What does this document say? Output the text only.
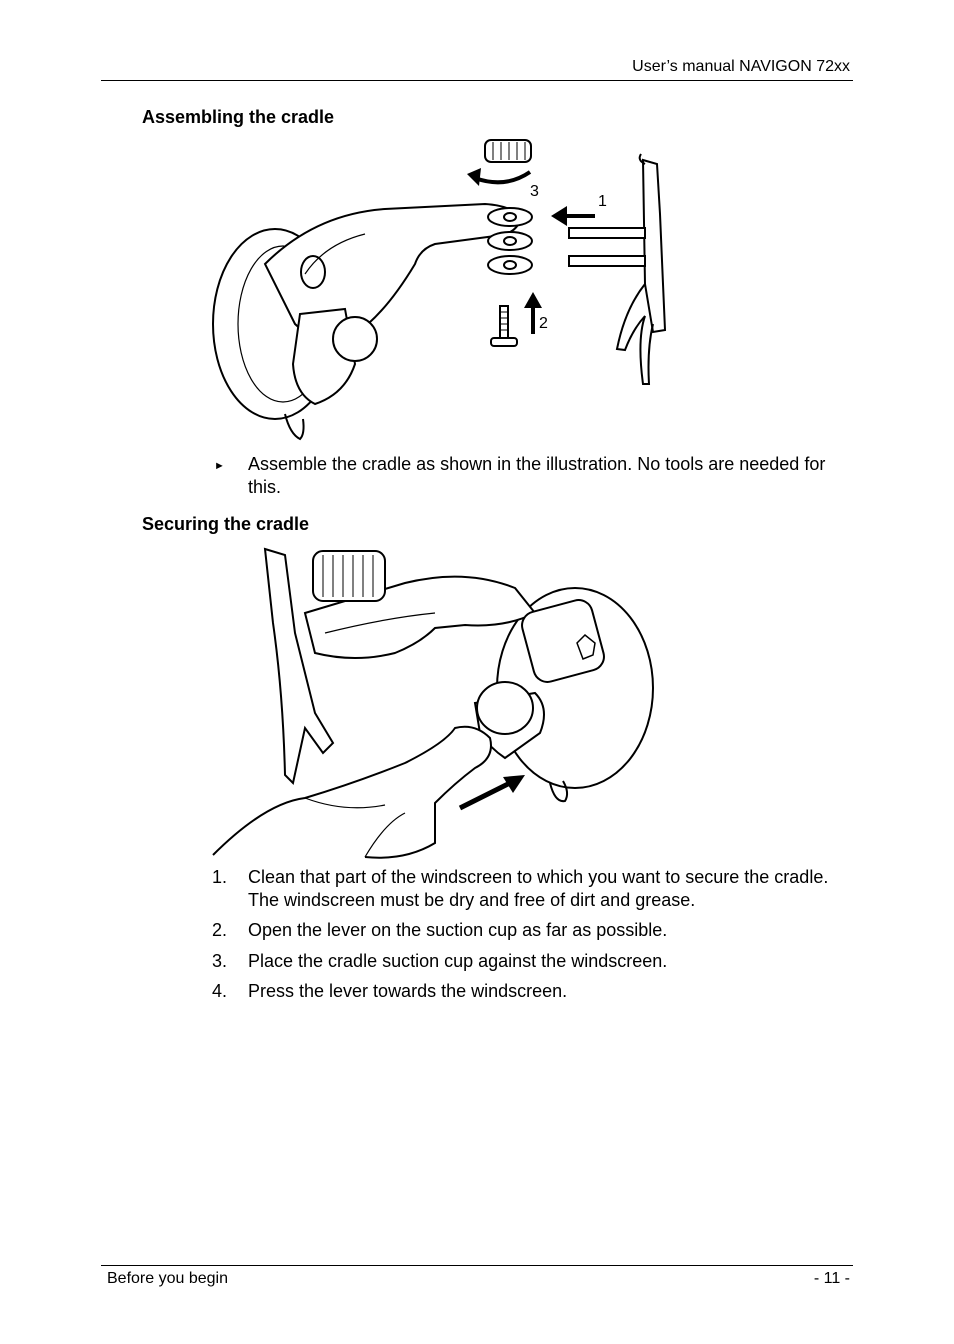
User’s manual NAVIGON 72xx
Assembling the cradle
3
1
2
► Assemble the cradle as shown in the illustration. No tools are needed for this.
Securing the cradle
1. Clean that part of the windscreen to which you want to secure the cradle. The windscreen must be dry and free of dirt and grease.
2. Open the lever on the suction cup as far as possible.
3. Place the cradle suction cup against the windscreen.
4. Press the lever towards the windscreen.
Before you begin	- 11 -
